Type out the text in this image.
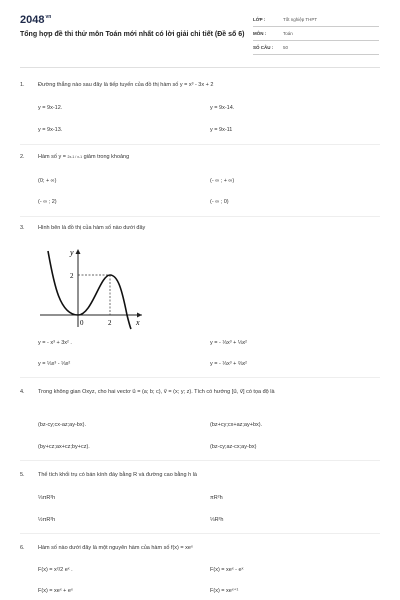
$2048^{vn}$
Tổng hợp đề thi thử môn Toán mới nhất có lời giải chi tiết (Đề số 6)
LỚP :	Tốt nghiệp THPT
MÔN :	Toán
SỐ CÂU :	50
1. Đường thẳng nào sau đây là tiếp tuyến của đồ thị hàm số y = x³ - 3x + 2
y = 9x-12.	y = 9x-14.
y = 9x-13.	y = 9x-11
2. Hàm số y = 2x-1 / x-1 giảm trong khoảng
(0; + ∞)	(- ∞ ; + ∞)
(- ∞ ; 2)	(- ∞ ; 0)
3. Hình bên là đồ thị của hàm số nào dưới đây
y
x
0	2
2
y = - x³ + 3x² .	y = - ⅓x³ + ⅓x²
y = ⅓x³ - ⅓x²	y = - ⅓x³ + ⅔x²
4. Trong không gian Oxyz, cho hai vectơ u⃗ = (a; b; c), v⃗ = (x; y; z). Tích có hướng [u⃗, v⃗] có tọa độ là
(bz-cy;cx-az;ay-bx).	(bz+cy;cx+az;ay+bx).
(by+cz;ax+cz;by+cz).	(bz-cy;az-cx;ay-bx)
5. Thể tích khối trụ có bán kính đáy bằng R và đường cao bằng h là
⅓πR²h	πR²h
½πR²h	⅓R²h
6. Hàm số nào dưới đây là một nguyên hàm của hàm số f(x) = xeˣ
F(x) = x²/2 eˣ .	F(x) = xeˣ - eˣ
F(x) = xeˣ + eˣ	F(x) = xeˣ⁺¹
